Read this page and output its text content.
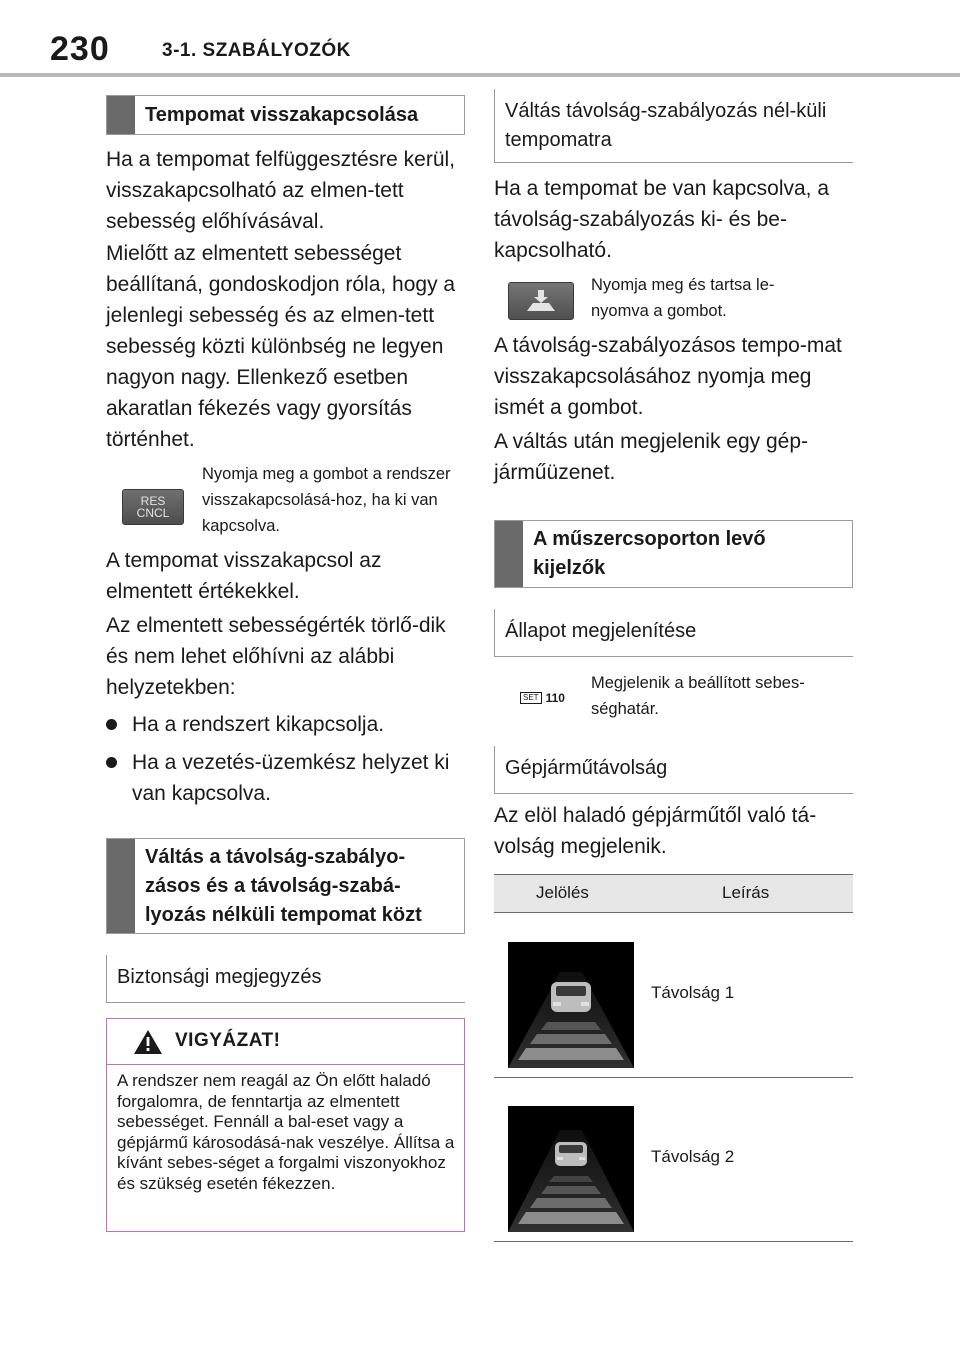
230	3-1. SZABÁLYOZÓK
Tempomat visszakapcsolása

Ha a tempomat felfüggesztésre kerül, visszakapcsolható az elmen-tett sebesség előhívásával.

Mielőtt az elmentett sebességet beállítaná, gondoskodjon róla, hogy a jelenlegi sebesség és az elmen-tett sebesség közti különbség ne legyen nagyon nagy. Ellenkező esetben akaratlan fékezés vagy gyorsítás történhet.

RES
CNCL
Nyomja meg a gombot a rendszer visszakapcsolásá-hoz, ha ki van kapcsolva.

A tempomat visszakapcsol az elmentett értékekkel.

Az elmentett sebességérték törlő-dik és nem lehet előhívni az alábbi helyzetekben:

Ha a rendszert kikapcsolja.
Ha a vezetés-üzemkész helyzet ki van kapcsolva.
Váltás a távolság-szabályo-zásos és a távolság-szabá-lyozás nélküli tempomat közt
Biztonsági megjegyzés
VIGYÁZAT!
A rendszer nem reagál az Ön előtt haladó forgalomra, de fenntartja az elmentett sebességet. Fennáll a bal-eset vagy a gépjármű károsodásá-nak veszélye. Állítsa a kívánt sebes-séget a forgalmi viszonyokhoz és szükség esetén fékezzen.
Váltás távolság-szabályozás nél-küli tempomatra

Ha a tempomat be van kapcsolva, a távolság-szabályozás ki- és be-kapcsolható.

Nyomja meg és tartsa le-nyomva a gombot.

A távolság-szabályozásos tempo-mat visszakapcsolásához nyomja meg ismét a gombot.

A váltás után megjelenik egy gép-járműüzenet.

A műszercsoporton levő kijelzők
Állapot megjelenítése
SET 110
Megjelenik a beállított sebes-séghatár.
Gépjárműtávolság

Az elöl haladó gépjárműtől való tá-volság megjelenik.

Jelölés	Leírás
Távolság 1
Távolság 2
